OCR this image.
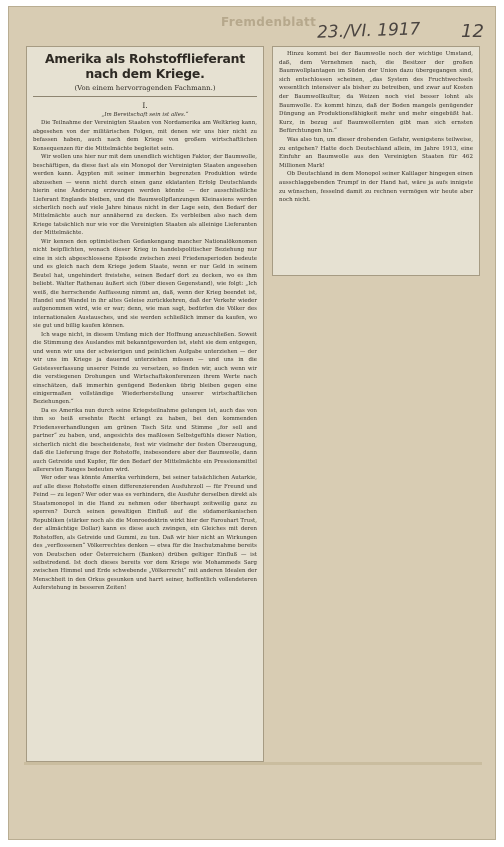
Fremdenblatt 23./VI. 1917 12
Amerika als Rohstofflieferant nach dem Kriege.
(Von einem hervorragenden Fachmann.)
I.

„Im Bereitschaft sein ist alles.“

Die Teilnahme der Vereinigten Staaten von Nordamerika am Weltkrieg kann, abgesehen von der militärischen Folgen, mit denen wir uns hier nicht zu befassen haben, auch nach dem Kriege von großem wirtschaftlichen Konsequenzen für die Mittelmächte begleitet sein.

Wir wollen uns hier nur mit dem unendlich wichtigen Faktor, der Baumwolle, beschäftigen, da diese fast als ein Monopol der Vereinigten Staaten angesehen werden kann. Ägypten mit seiner immerhin begrenzten Produktion würde abzusehen — wenn nicht durch einen ganz eklatanten Erfolg Deutschlands hierin eine Änderung erzwungen werden könnte — der ausschließliche Lieferant Englands bleiben, und die Baumwollpflanzungen Kleinasiens werden sicherlich noch auf viele Jahre hinaus nicht in der Lage sein, den Bedarf der Mittelmächte auch nur annähernd zu decken. Es verbleiben also nach dem Kriege tatsächlich nur wie vor die Vereinigten Staaten als alleinige Lieferanten der Mittelmächte.

Wir kennen den optimistischen Gedankengang mancher Nationalökonomen nicht beipflichten, wonach dieser Krieg in handelspolitischer Beziehung nur eine in sich abgeschlossene Episode zwischen zwei Friedensperioden bedeute und es gleich nach dem Kriege jedem Staate, wenn er nur Geld in seinem Beutel hat, ungehindert freistehe, seinen Bedarf dort zu decken, wo es ihm beliebt. Walter Rathenau äußert sich (über diesen Gegenstand), wie folgt: „Ich weiß, die herrschende Auffassung nimmt an, daß, wenn der Krieg beendet ist, Handel und Wandel in ihr altes Geleise zurückkehren, daß der Verkehr wieder aufgenommen wird, wie er war; denn, wie man sagt, bedürfen die Völker des internationalen Austausches, und sie werden schließlich immer da kaufen, wo sie gut und billig kaufen können.

Ich wage nicht, in diesem Umfang mich der Hoffnung anzuschließen. Soweit die Stimmung des Auslandes mit bekanntgeworden ist, steht sie dem entgegen, und wenn wir uns der schwierigen und peinlichen Aufgabe unterziehen — der wir uns im Kriege ja dauernd unterziehen müssen — und uns in die Geistesverfassung unserer Feinde zu versetzen, so finden wir, auch wenn wir die verstiegenen Drohungen und Wirtschaftskonferenzen ihrem Werte nach einschätzen, daß immerhin genügend Bedenken übrig bleiben gegen eine einigermaßen vollständige Wiederherstellung unserer wirtschaftlichen Beziehungen.“

Da es Amerika nun durch seine Kriegsteilnahme gelungen ist, auch das von ihm so heiß ersehnte Recht erlangt zu haben, bei den kommenden Friedensverhandlungen am grünen Tisch Sitz und Stimme „for sell and partner“ zu haben, und, angesichts des maßlosen Selbstgefühls dieser Nation, sicherlich nicht die bescheidenste, fest wir vielmehr der festen Überzeugung, daß die Lieferung frage der Rohstoffe, insbesondere aber der Baumwolle, dann auch Getreide und Kupfer, für den Bedarf der Mittelmächte ein Pressionsmittel allerersten Ranges bedeuten wird.

Wer oder was könnte Amerika verhindern, bei seiner tatsächlichen Autarkie, auf alle diese Rohstoffe einen differenzierenden Ausfuhrzoll — für Freund und Feind — zu legen? Wer oder was es verhindern, die Ausfuhr derselben direkt als Staatsmonopol in die Hand zu nehmen oder überhaupt zeitweilig ganz zu sperren? Durch seinen gewaltigen Einfluß auf die südamerikanischen Republiken (stärker noch als die Monroedoktrin wirkt hier der Farouhart Trust, der allmächtige Dollar) kann es diese auch zwingen, ein Gleiches mit deren Rohstoffen, als Getreide und Gummi, zu tun. Daß wir hier nicht an Wirkungen des „verflossenen“ Völkerrechtes denken — etwa für die Inschutznahme bereits von Deutschen oder Österreichern (Banken) drüben geltiger Einfluß — ist selbstredend. Ist doch dieses bereits vor dem Kriege wie Mohammeds Sarg zwischen Himmel und Erde schwebende „Völkerrecht“ mit anderen Idealen der Menschheit in den Orkus gesunken und harrt seiner, hoffentlich vollendeteren Auferstehung in besseren Zeiten!

Hinzu kommt bei der Baumwolle noch der wichtige Umstand, daß, dem Vernehmen nach, die Besitzer der großen Baumwollplantagen im Süden der Union dazu übergegangen sind, sich entschlossen scheinen, „das System des Fruchtwechsels wesentlich intensiver als bisher zu betreiben, und zwar auf Kosten der Baumwollkultur, da Weizen noch viel besser lohnt als Baumwolle. Es kommt hinzu, daß der Boden mangels genügender Düngung an Produktionsfähigkeit mehr und mehr eingebüßt hat. Kurz, in bezug auf Baumwollernten gibt man sich ernsten Befürchtungen hin.“

Was also tun, um dieser drohenden Gefahr, wenigstens teilweise, zu entgehen? Hatte doch Deutschland allein, im Jahre 1913, eine Einfuhr an Baumwolle aus den Vereinigten Staaten für 462 Millionen Mark!

Ob Deutschland in dem Monopol seiner Kalilager hingegen einen ausschlaggebenden Trumpf in der Hand hat, wäre ja aufs innigste zu wünschen, fesselnd damit zu rechnen vermögen wir heute aber noch nicht.
